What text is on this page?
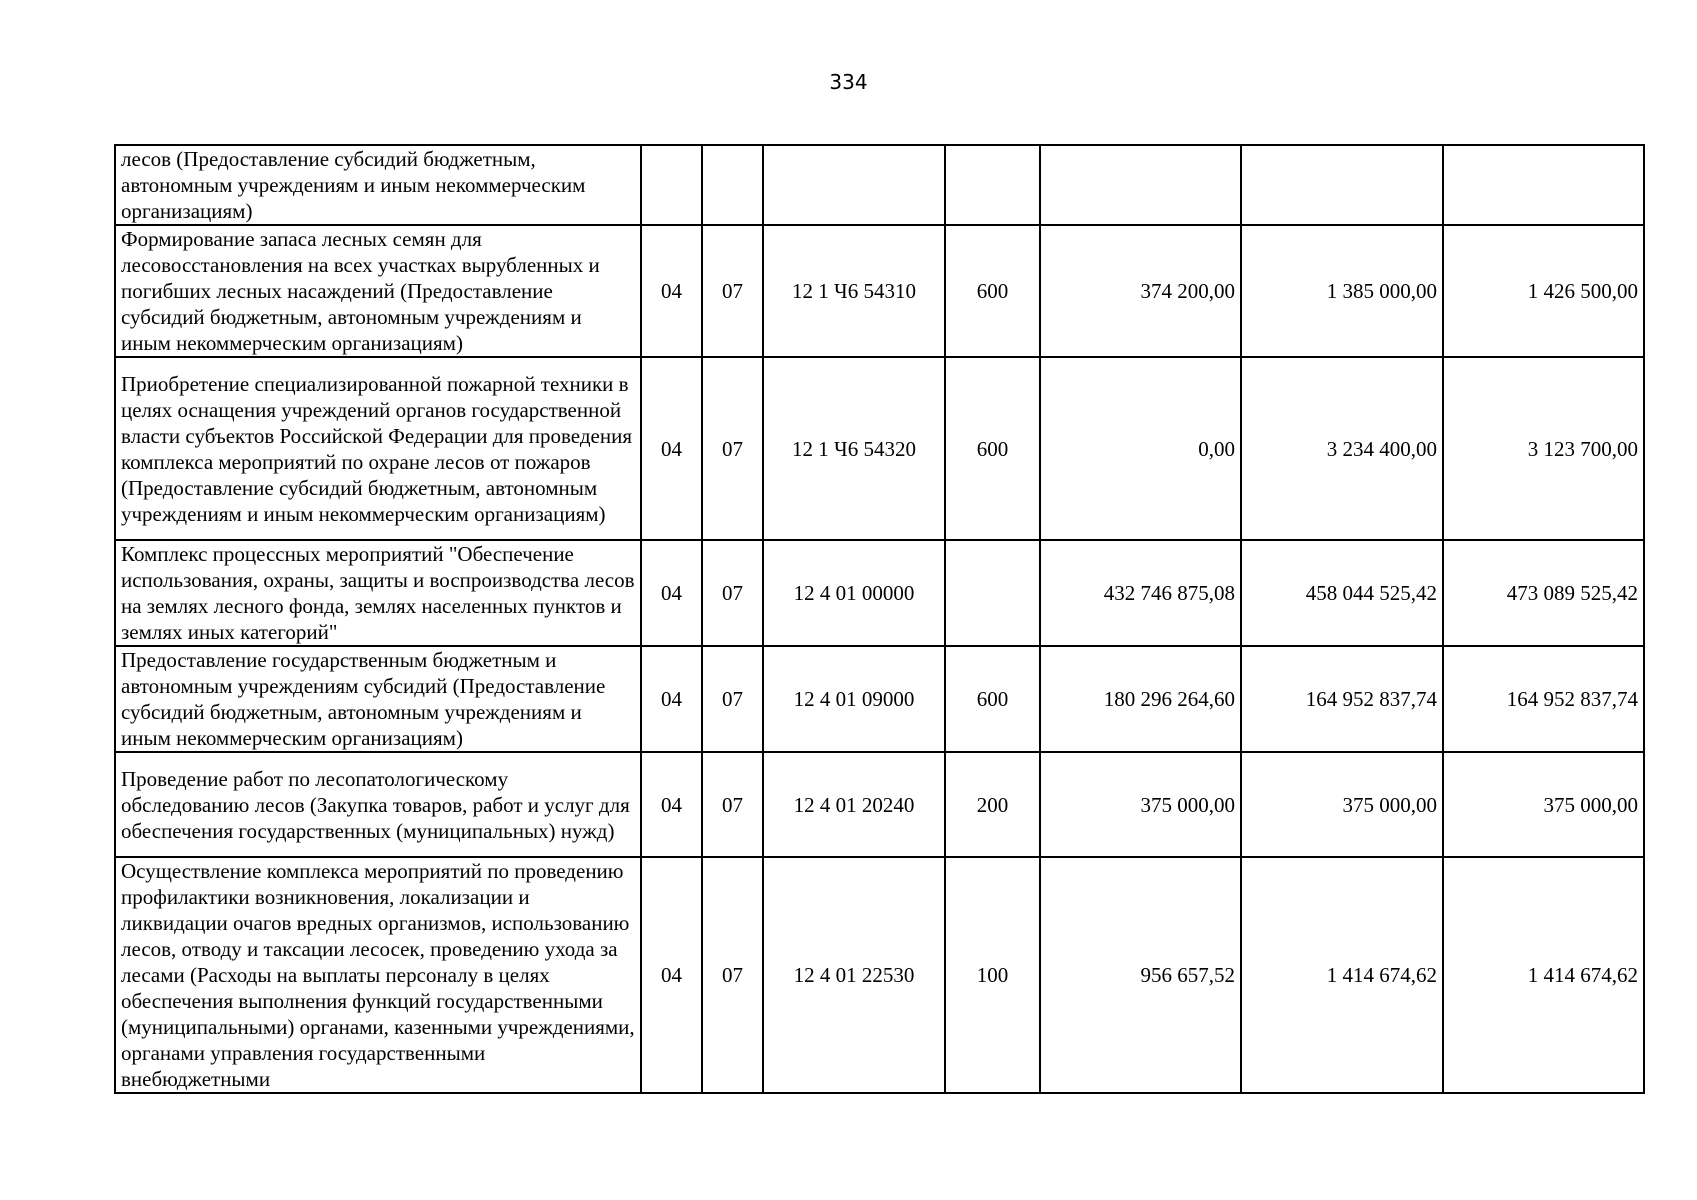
334
лесов (Предоставление субсидий бюджетным, автономным учреждениям и иным некоммерческим организациям)							
Формирование запаса лесных семян для лесовосстановления на всех участках вырубленных и погибших лесных насаждений (Предоставление субсидий бюджетным, автономным учреждениям и иным некоммерческим организациям)	04	07	12 1 Ч6 54310	600	374 200,00	1 385 000,00	1 426 500,00
Приобретение специализированной пожарной техники в целях оснащения учреждений органов государственной власти субъектов Российской Федерации для проведения комплекса мероприятий по охране лесов от пожаров (Предоставление субсидий бюджетным, автономным учреждениям и иным некоммерческим организациям)	04	07	12 1 Ч6 54320	600	0,00	3 234 400,00	3 123 700,00
Комплекс процессных мероприятий "Обеспечение использования, охраны, защиты и воспроизводства лесов на землях лесного фонда, землях населенных пунктов и землях иных категорий"	04	07	12 4 01 00000		432 746 875,08	458 044 525,42	473 089 525,42
Предоставление государственным бюджетным и автономным учреждениям субсидий (Предоставление субсидий бюджетным, автономным учреждениям и иным некоммерческим организациям)	04	07	12 4 01 09000	600	180 296 264,60	164 952 837,74	164 952 837,74
Проведение работ по лесопатологическому обследованию лесов (Закупка товаров, работ и услуг для обеспечения государственных (муниципальных) нужд)	04	07	12 4 01 20240	200	375 000,00	375 000,00	375 000,00
Осуществление комплекса мероприятий по проведению профилактики возникновения, локализации и ликвидации очагов вредных организмов, использованию лесов, отводу и таксации лесосек, проведению ухода за лесами (Расходы на выплаты персоналу в целях обеспечения выполнения функций государственными (муниципальными) органами, казенными учреждениями, органами управления государственными внебюджетными	04	07	12 4 01 22530	100	956 657,52	1 414 674,62	1 414 674,62
